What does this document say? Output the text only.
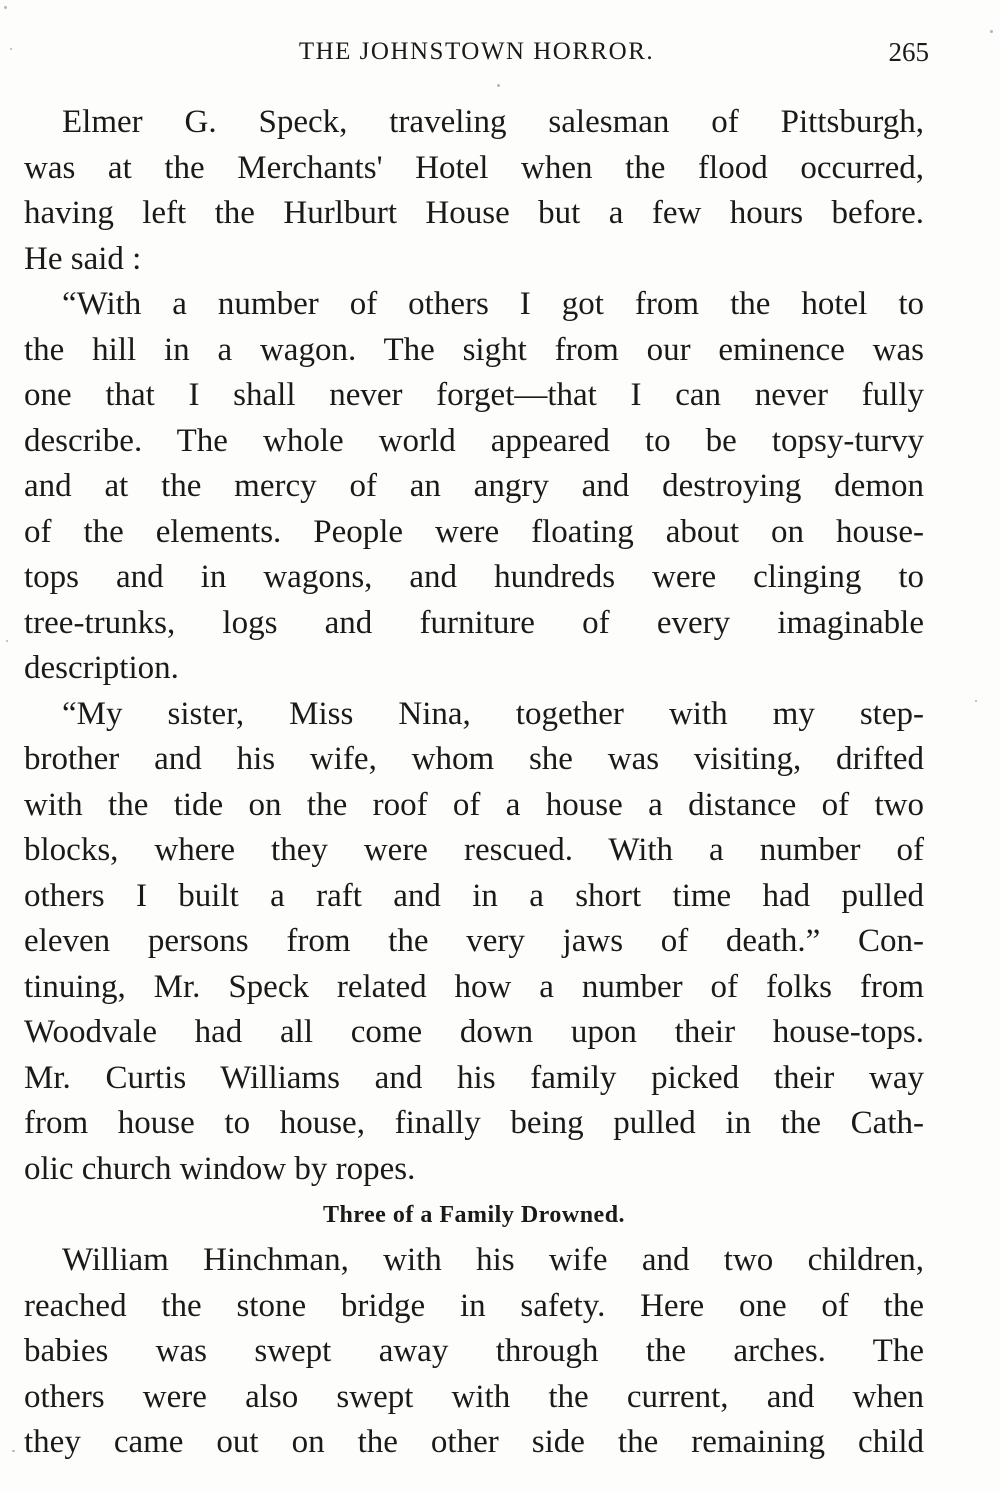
THE JOHNSTOWN HORROR.	265
Elmer G. Speck, traveling salesman of Pittsburgh,
was at the Merchants' Hotel when the flood occurred,
having left the Hurlburt House but a few hours before.
He said :
“With a number of others I got from the hotel to
the hill in a wagon. The sight from our eminence was
one that I shall never forget—that I can never fully
describe. The whole world appeared to be topsy-turvy
and at the mercy of an angry and destroying demon
of the elements. People were floating about on house-
tops and in wagons, and hundreds were clinging to
tree-trunks, logs and furniture of every imaginable
description.
“My sister, Miss Nina, together with my step-
brother and his wife, whom she was visiting, drifted
with the tide on the roof of a house a distance of two
blocks, where they were rescued. With a number of
others I built a raft and in a short time had pulled
eleven persons from the very jaws of death.” Con-
tinuing, Mr. Speck related how a number of folks from
Woodvale had all come down upon their house-tops.
Mr. Curtis Williams and his family picked their way
from house to house, finally being pulled in the Cath-
olic church window by ropes.
Three of a Family Drowned.
William Hinchman, with his wife and two children,
reached the stone bridge in safety. Here one of the
babies was swept away through the arches. The
others were also swept with the current, and when
they came out on the other side the remaining child
